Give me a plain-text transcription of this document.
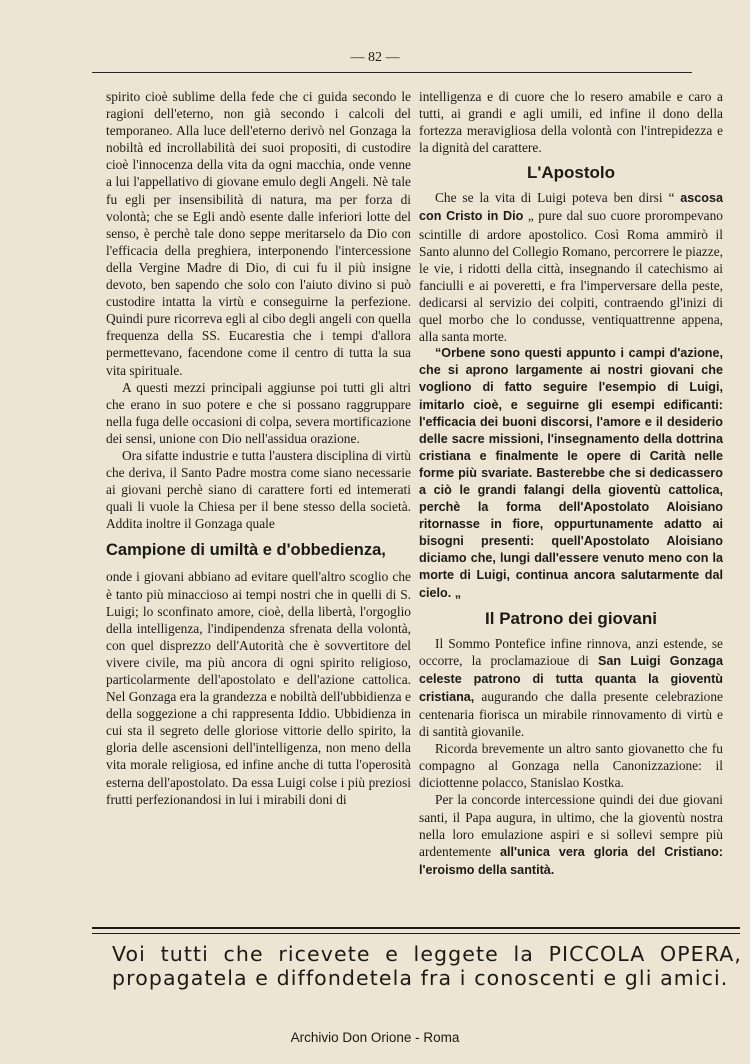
— 82 —

spirito cioè sublime della fede che ci guida secondo le ragioni dell'eterno, non già secondo i calcoli del temporaneo. Alla luce dell'eterno derivò nel Gonzaga la nobiltà ed incrollabilità dei suoi propositi, di custodire cioè l'innocenza della vita da ogni macchia, onde venne a lui l'appellativo di giovane emulo degli Angeli. Nè tale fu egli per insensibilità di natura, ma per forza di volontà; che se Egli andò esente dalle inferiori lotte del senso, è perchè tale dono seppe meritarselo da Dio con l'efficacia della preghiera, interponendo l'intercessione della Vergine Madre di Dio, di cui fu il più insigne devoto, ben sapendo che solo con l'aiuto divino si può custodire intatta la virtù e conseguirne la perfezione. Quindi pure ricorreva egli al cibo degli angeli con quella frequenza della SS. Eucarestia che i tempi d'allora permettevano, facendone come il centro di tutta la sua vita spirituale.

A questi mezzi principali aggiunse poi tutti gli altri che erano in suo potere e che si possano raggruppare nella fuga delle occasioni di colpa, severa mortificazione dei sensi, unione con Dio nell'assidua orazione.

Ora sifatte industrie e tutta l'austera disciplina di virtù che deriva, il Santo Padre mostra come siano necessarie ai giovani perchè siano di carattere forti ed intemerati quali li vuole la Chiesa per il bene stesso della società. Addita inoltre il Gonzaga quale

Campione di umiltà e d'obbedienza,

onde i giovani abbiano ad evitare quell'altro scoglio che è tanto più minaccioso ai tempi nostri che in quelli di S. Luigi; lo sconfinato amore, cioè, della libertà, l'orgoglio della intelligenza, l'indipendenza sfrenata della volontà, con quel disprezzo dell'Autorità che è sovvertitore del vivere civile, ma più ancora di ogni spirito religioso, particolarmente dell'apostolato e dell'azione cattolica. Nel Gonzaga era la grandezza e nobiltà dell'ubbidienza e della soggezione a chi rappresenta Iddio. Ubbidienza in cui sta il segreto delle gloriose vittorie dello spirito, la gloria delle ascensioni dell'intelligenza, non meno della vita morale religiosa, ed infine anche di tutta l'operosità esterna dell'apostolato. Da essa Luigi colse i più preziosi frutti perfezionandosi in lui i mirabili doni di

intelligenza e di cuore che lo resero amabile e caro a tutti, ai grandi e agli umili, ed infine il dono della fortezza meravigliosa della volontà con l'intrepidezza e la dignità del carattere.

L'Apostolo

Che se la vita di Luigi poteva ben dirsi “ ascosa con Cristo in Dio „ pure dal suo cuore prorompevano scintille di ardore apostolico. Così Roma ammirò il Santo alunno del Collegio Romano, percorrere le piazze, le vie, i ridotti della città, insegnando il catechismo ai fanciulli e ai poveretti, e fra l'imperversare della peste, dedicarsi al servizio dei colpiti, contraendo gl'inizi di quel morbo che lo condusse, ventiquattrenne appena, alla santa morte.

“Orbene sono questi appunto i campi d'azione, che si aprono largamente ai nostri giovani che vogliono di fatto seguire l'esempio di Luigi, imitarlo cioè, e seguirne gli esempi edificanti: l'efficacia dei buoni discorsi, l'amore e il desiderio delle sacre missioni, l'insegnamento della dottrina cristiana e finalmente le opere di Carità nelle forme più svariate. Basterebbe che si dedicassero a ciò le grandi falangi della gioventù cattolica, perchè la forma dell'Apostolato Aloisiano ritornasse in fiore, oppurtunamente adatto ai bisogni presenti: quell'Apostolato Aloisiano diciamo che, lungi dall'essere venuto meno con la morte di Luigi, continua ancora salutarmente dal cielo. „

Il Patrono dei giovani

Il Sommo Pontefice infine rinnova, anzi estende, se occorre, la proclamazioue di San Luigi Gonzaga celeste patrono di tutta quanta la gioventù cristiana, augurando che dalla presente celebrazione centenaria fiorisca un mirabile rinnovamento di virtù e di santità giovanile.

Ricorda brevemente un altro santo giovanetto che fu compagno al Gonzaga nella Canonizzazione: il diciottenne polacco, Stanislao Kostka.

Per la concorde intercessione quindi dei due giovani santi, il Papa augura, in ultimo, che la gioventù nostra nella loro emulazione aspiri e si sollevi sempre più ardentemente all'unica vera gloria del Cristiano: l'eroismo della santità.

Voi tutti che ricevete e leggete la PICCOLA OPERA, propagatela e diffondetela fra i conoscenti e gli amici.
Archivio Don Orione - Roma
